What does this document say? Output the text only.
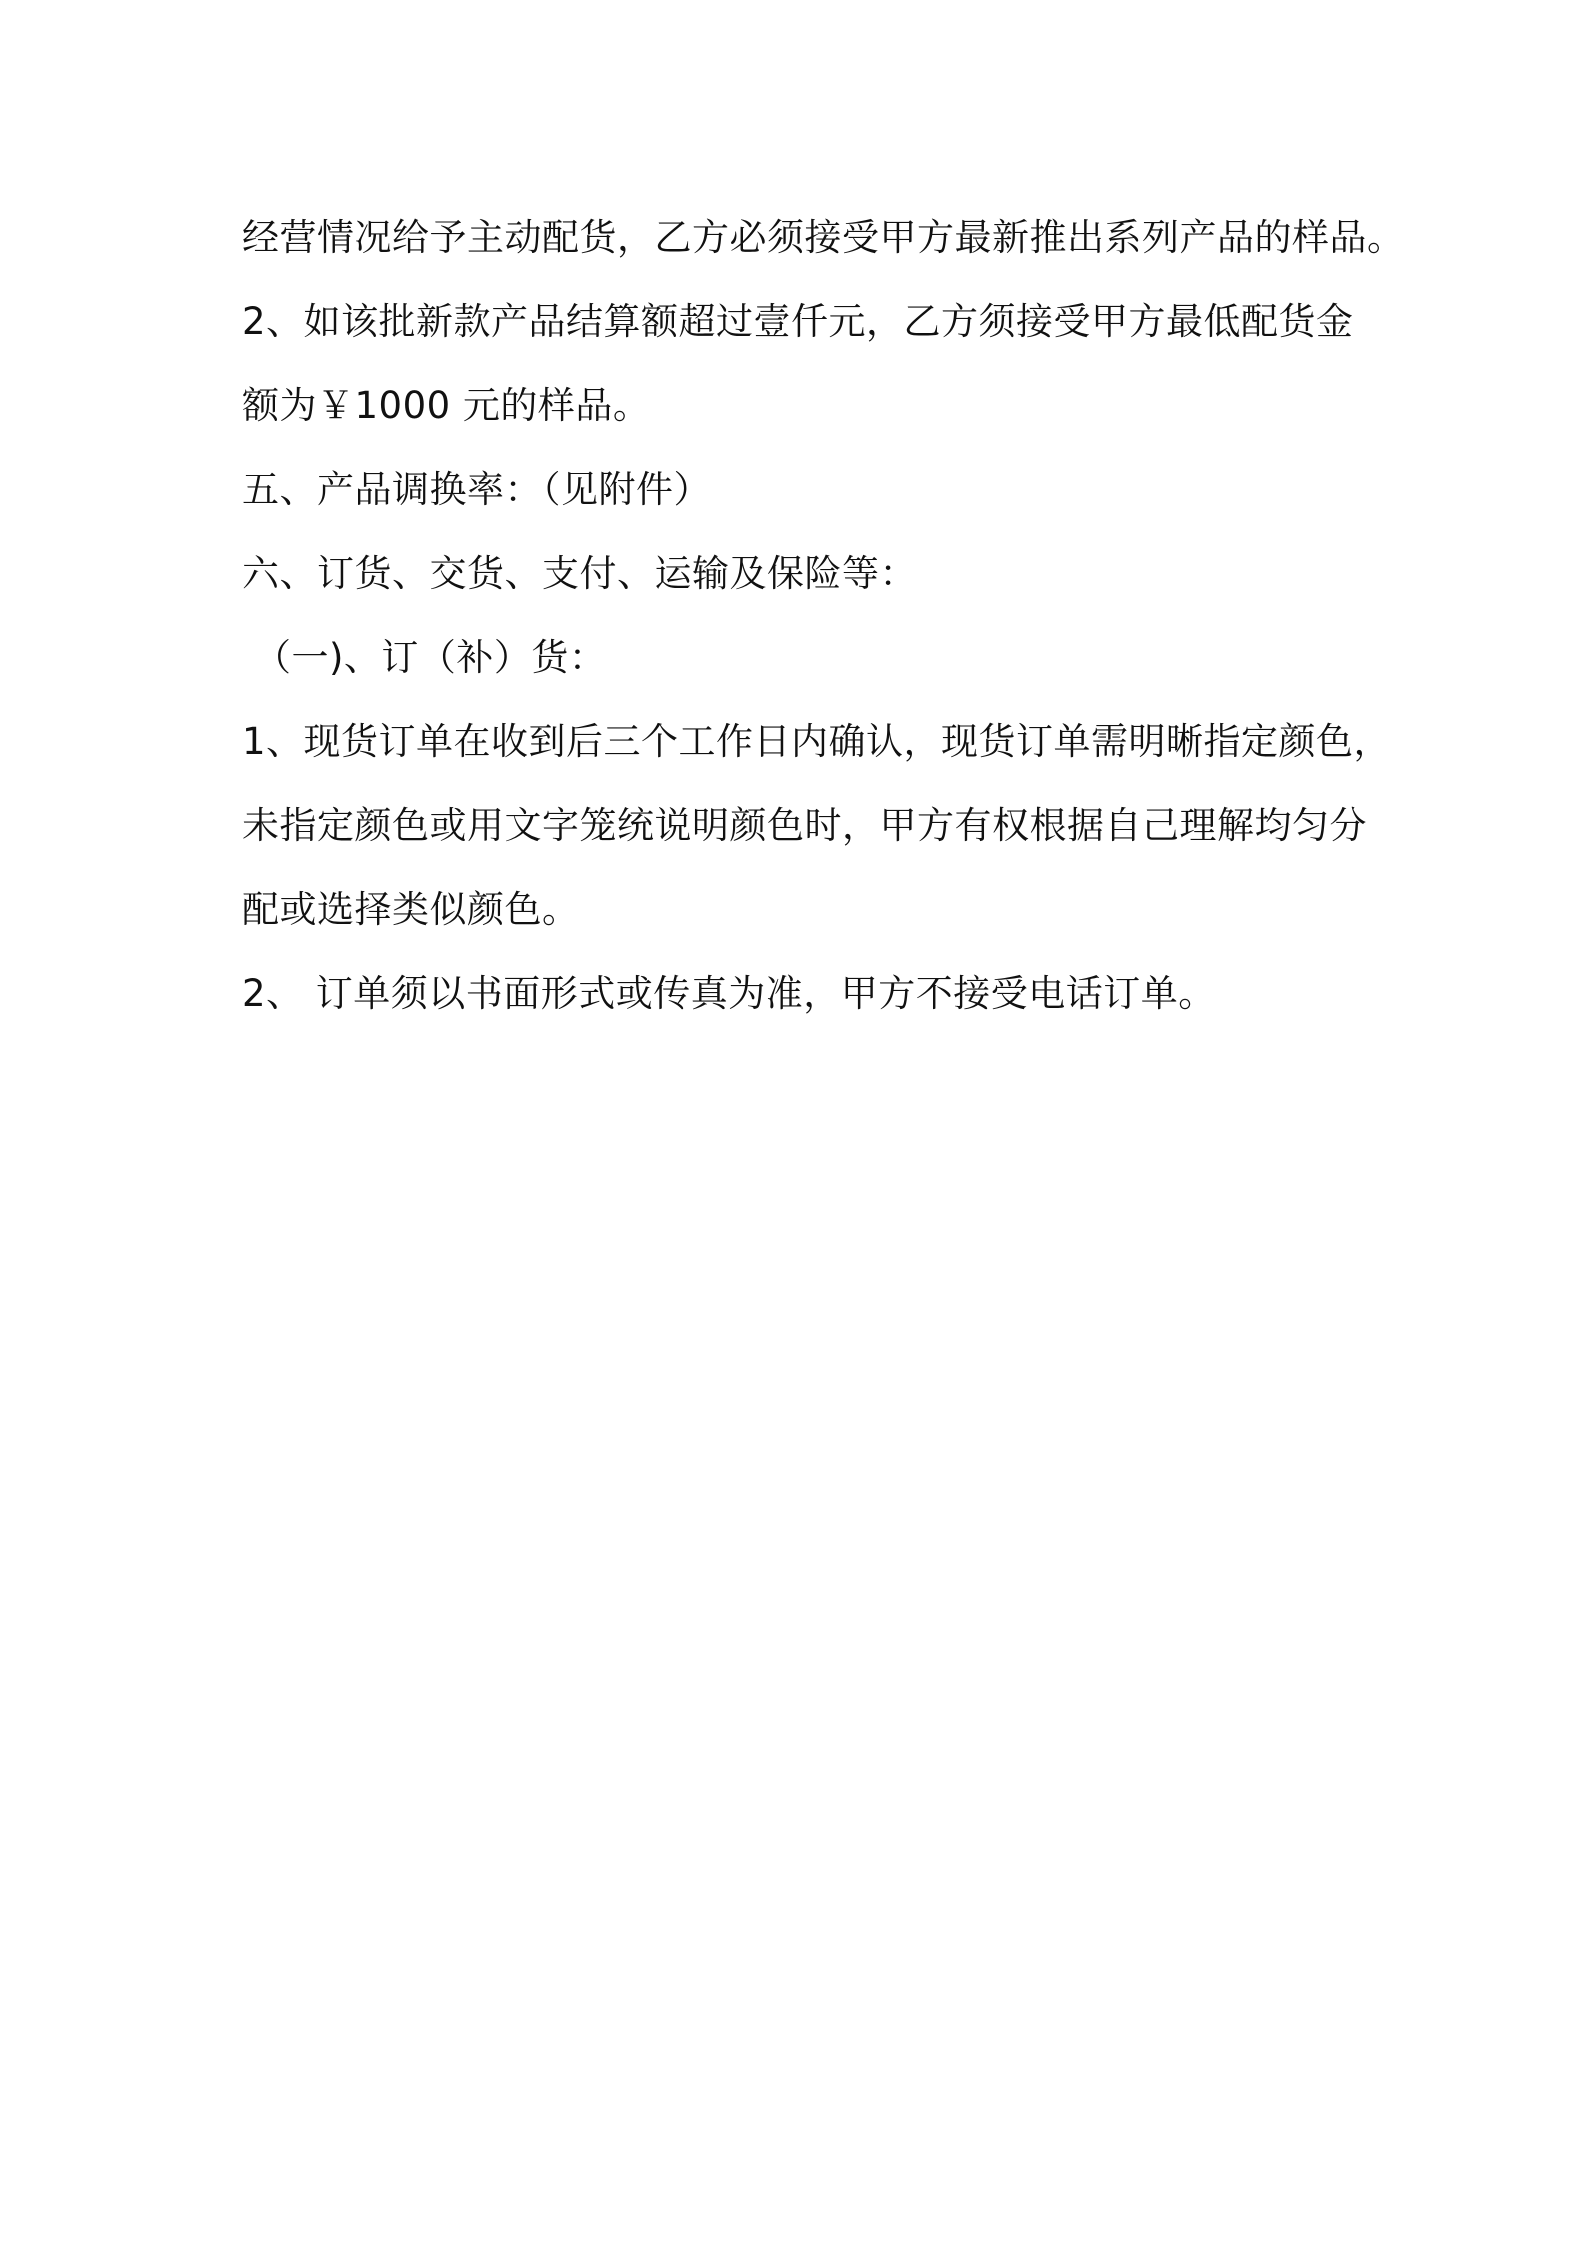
经营情况给予主动配货，乙方必须接受甲方最新推出系列产品的样品。
2、如该批新款产品结算额超过壹仟元，乙方须接受甲方最低配货金
额为￥1000 元的样品。
五、产品调换率：（见附件）
六、订货、交货、支付、运输及保险等：
（一)、订（补）货：
1、现货订单在收到后三个工作日内确认，现货订单需明晰指定颜色，
未指定颜色或用文字笼统说明颜色时，甲方有权根据自己理解均匀分
配或选择类似颜色。
2、 订单须以书面形式或传真为准，甲方不接受电话订单。
